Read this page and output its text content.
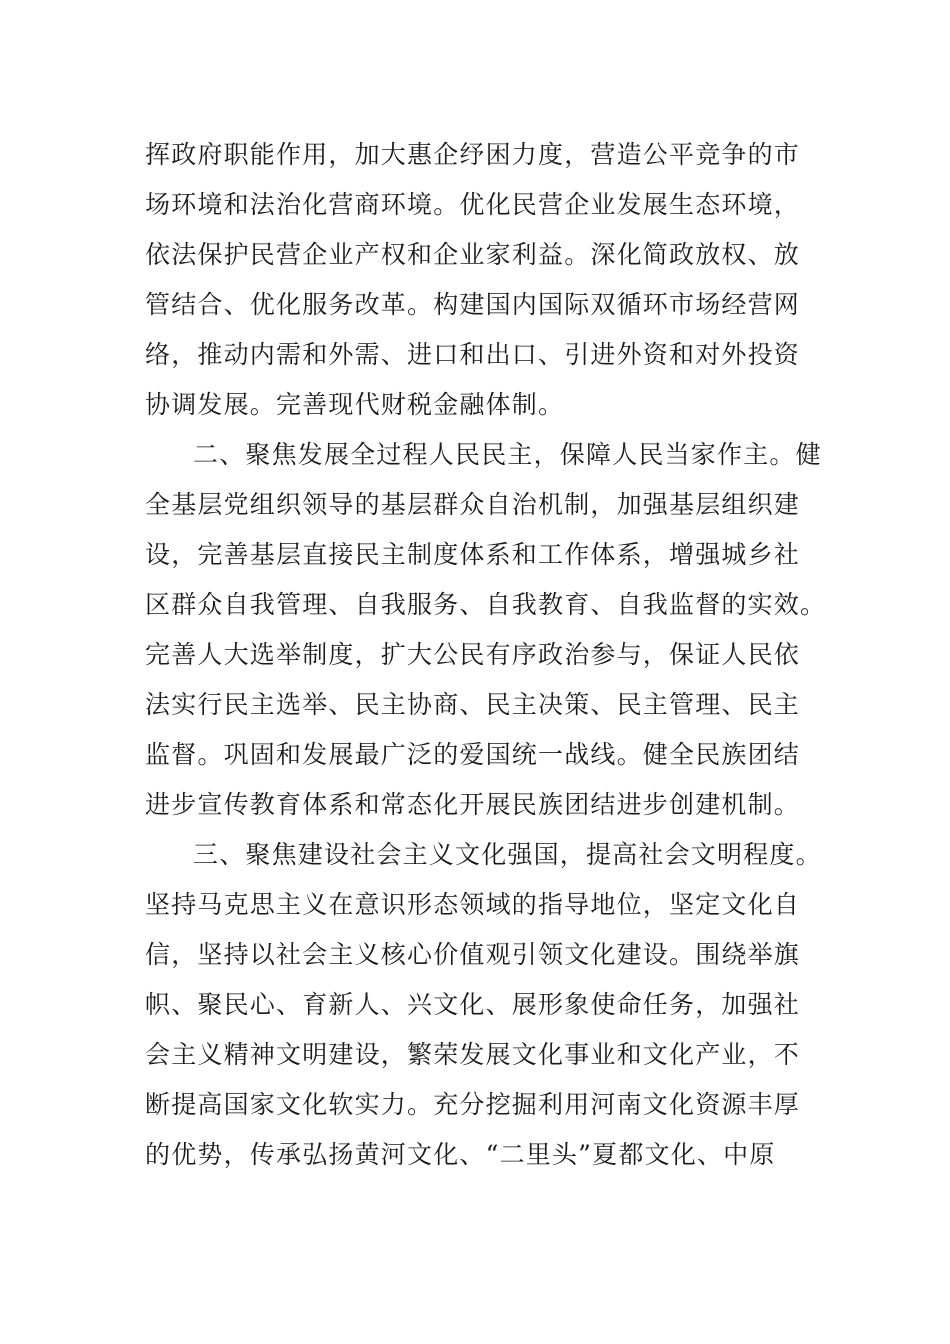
挥政府职能作用，加大惠企纾困力度，营造公平竞争的市
场环境和法治化营商环境。优化民营企业发展生态环境，
依法保护民营企业产权和企业家利益。深化简政放权、放
管结合、优化服务改革。构建国内国际双循环市场经营网
络，推动内需和外需、进口和出口、引进外资和对外投资
协调发展。完善现代财税金融体制。
二、聚焦发展全过程人民民主，保障人民当家作主。健
全基层党组织领导的基层群众自治机制，加强基层组织建
设，完善基层直接民主制度体系和工作体系，增强城乡社
区群众自我管理、自我服务、自我教育、自我监督的实效。
完善人大选举制度，扩大公民有序政治参与，保证人民依
法实行民主选举、民主协商、民主决策、民主管理、民主
监督。巩固和发展最广泛的爱国统一战线。健全民族团结
进步宣传教育体系和常态化开展民族团结进步创建机制。
三、聚焦建设社会主义文化强国，提高社会文明程度。
坚持马克思主义在意识形态领域的指导地位，坚定文化自
信，坚持以社会主义核心价值观引领文化建设。围绕举旗
帜、聚民心、育新人、兴文化、展形象使命任务，加强社
会主义精神文明建设，繁荣发展文化事业和文化产业，不
断提高国家文化软实力。充分挖掘利用河南文化资源丰厚
的优势，传承弘扬黄河文化、“二里头”夏都文化、中原
